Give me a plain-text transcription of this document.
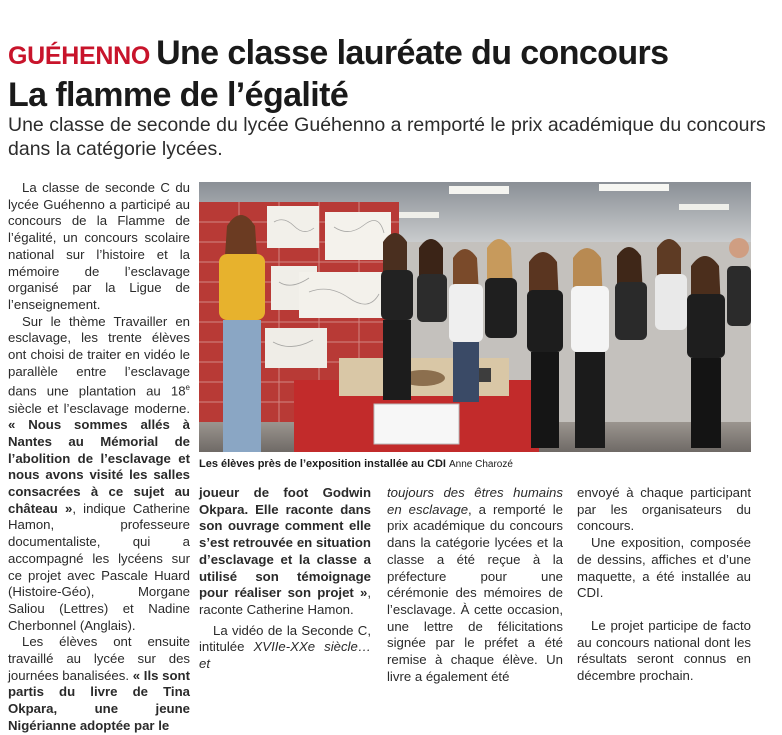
GUÉHENNO Une classe lauréate du concours
La flamme de l’égalité
Une classe de seconde du lycée Guéhenno a remporté le prix académique du concours dans la catégorie lycées.

La classe de seconde C du lycée Guéhenno a participé au concours de la Flamme de l’égalité, un concours scolaire national sur l’histoire et la mémoire de l’esclavage organisé par la Ligue de l’enseignement.

Sur le thème Travailler en esclavage, les trente élèves ont choisi de traiter en vidéo le parallèle entre l’esclavage dans une plantation au 18e siècle et l’esclavage moderne. « Nous sommes allés à Nantes au Mémorial de l’abolition de l’esclavage et nous avons visité les salles consacrées à ce sujet au château », indique Catherine Hamon, professeure documentaliste, qui a accompagné les lycéens sur ce projet avec Pascale Huard (Histoire-Géo), Morgane Saliou (Lettres) et Nadine Cherbonnel (Anglais).

Les élèves ont ensuite travaillé au lycée sur des journées banalisées. « Ils sont partis du livre de Tina Okpara, une jeune Nigérianne adoptée par le

Les élèves près de l’exposition installée au CDI Anne Charozé

joueur de foot Godwin Okpara. Elle raconte dans son ouvrage comment elle s’est retrouvée en situation d’esclavage et la classe a utilisé son témoignage pour réaliser son projet », raconte Catherine Hamon.

La vidéo de la Seconde C, intitulée XVIIe-XXe siècle… et

toujours des êtres humains en esclavage, a remporté le prix académique du concours dans la catégorie lycées et la classe a été reçue à la préfecture pour une cérémonie des mémoires de l’esclavage. À cette occasion, une lettre de félicitations signée par le préfet a été remise à chaque élève. Un livre a également été

envoyé à chaque participant par les organisateurs du concours.

Une exposition, composée de dessins, affiches et d’une maquette, a été installée au CDI.

Le projet participe de facto au concours national dont les résultats seront connus en décembre prochain.
